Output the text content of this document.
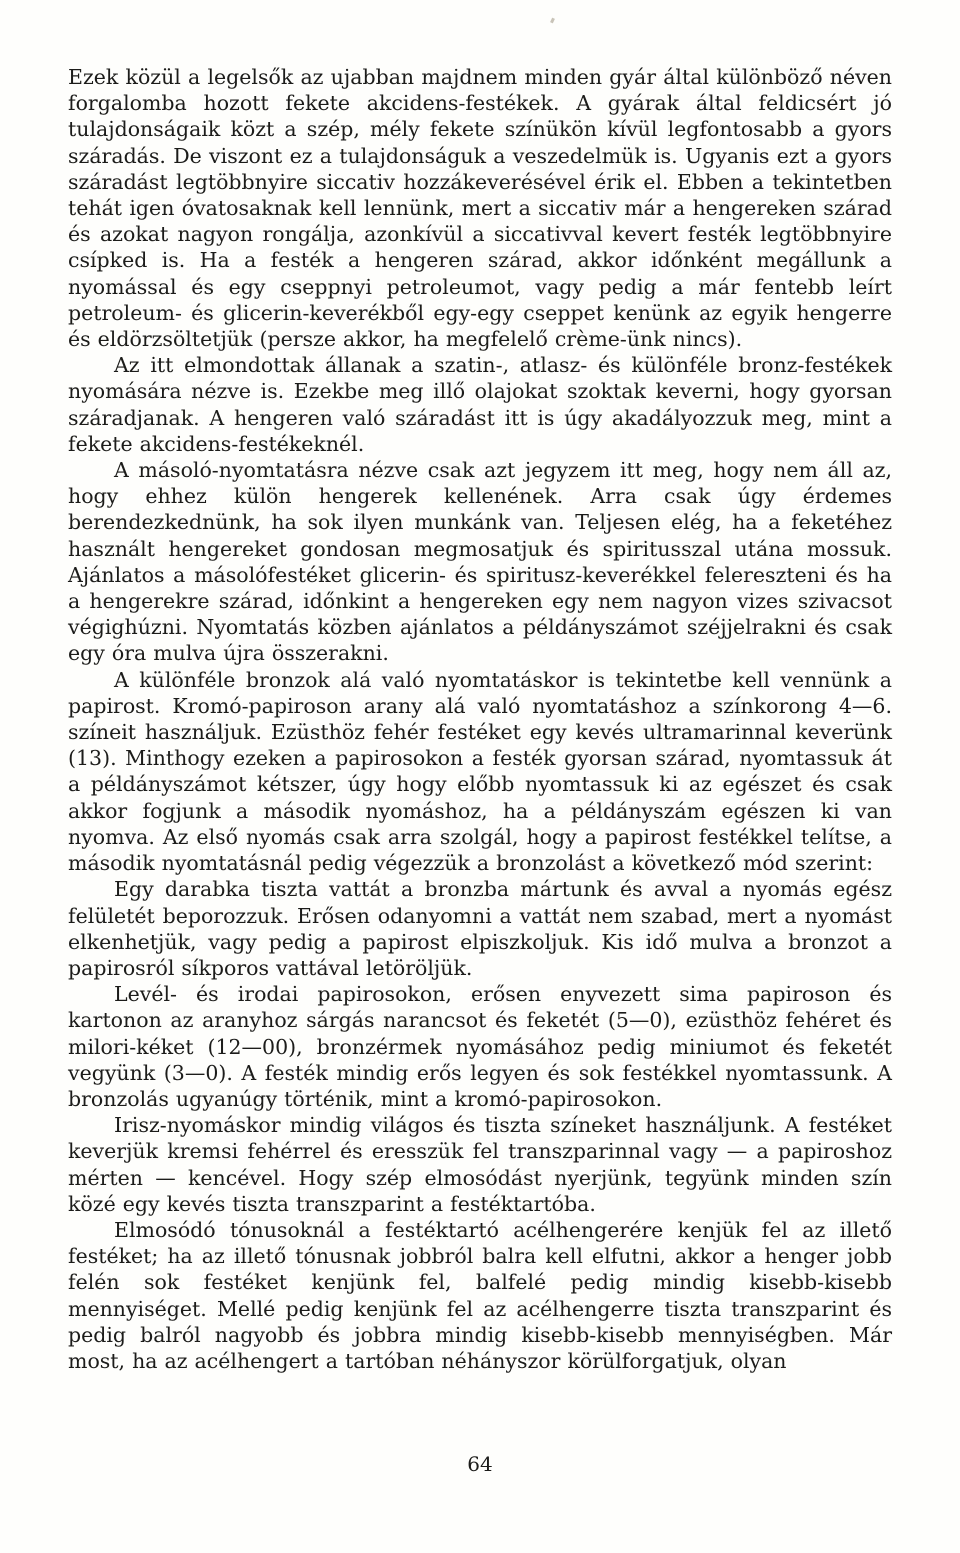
Ezek közül a legelsők az ujabban majdnem minden gyár által különböző néven forgalomba hozott fekete akcidens-festékek. A gyárak által feldicsért jó tulajdonságaik közt a szép, mély fekete színükön kívül legfontosabb a gyors száradás. De viszont ez a tulajdonságuk a veszedelmük is. Ugyanis ezt a gyors száradást legtöbbnyire siccativ hozzákeverésével érik el. Ebben a tekintetben tehát igen óvatosaknak kell lennünk, mert a siccativ már a hengereken szárad és azokat nagyon rongálja, azonkívül a siccativval kevert festék legtöbbnyire csípked is. Ha a festék a hengeren szárad, akkor időnként megállunk a nyomással és egy cseppnyi petroleumot, vagy pedig a már fentebb leírt petroleum- és glicerin-keverékből egy-egy cseppet kenünk az egyik hengerre és eldörzsöltetjük (persze akkor, ha megfelelő crème-ünk nincs).

Az itt elmondottak állanak a szatin-, atlasz- és különféle bronz-festékek nyomására nézve is. Ezekbe meg illő olajokat szoktak keverni, hogy gyorsan száradjanak. A hengeren való száradást itt is úgy akadályozzuk meg, mint a fekete akcidens-festékeknél.

A másoló-nyomtatásra nézve csak azt jegyzem itt meg, hogy nem áll az, hogy ehhez külön hengerek kellenének. Arra csak úgy érdemes berendezkednünk, ha sok ilyen munkánk van. Teljesen elég, ha a feketéhez használt hengereket gondosan megmosatjuk és spiritusszal utána mossuk. Ajánlatos a másolófestéket glicerin- és spiritusz-keverékkel felereszteni és ha a hengerekre szárad, időnkint a hengereken egy nem nagyon vizes szivacsot végighúzni. Nyomtatás közben ajánlatos a példányszámot széjjelrakni és csak egy óra mulva újra összerakni.

A különféle bronzok alá való nyomtatáskor is tekintetbe kell vennünk a papirost. Kromó-papiroson arany alá való nyomtatáshoz a színkorong 4—6. színeit használjuk. Ezüsthöz fehér festéket egy kevés ultramarinnal keverünk (13). Minthogy ezeken a papirosokon a festék gyorsan szárad, nyomtassuk át a példányszámot kétszer, úgy hogy előbb nyomtassuk ki az egészet és csak akkor fogjunk a második nyomáshoz, ha a példányszám egészen ki van nyomva. Az első nyomás csak arra szolgál, hogy a papirost festékkel telítse, a második nyomtatásnál pedig végezzük a bronzolást a következő mód szerint:

Egy darabka tiszta vattát a bronzba mártunk és avval a nyomás egész felületét beporozzuk. Erősen odanyomni a vattát nem szabad, mert a nyomást elkenhetjük, vagy pedig a papirost elpiszkoljuk. Kis idő mulva a bronzot a papirosról síkporos vattával letöröljük.

Levél- és irodai papirosokon, erősen enyvezett sima papiroson és kartonon az aranyhoz sárgás narancsot és feketét (5—0), ezüsthöz fehéret és milori-kéket (12—00), bronzérmek nyomásához pedig miniumot és feketét vegyünk (3—0). A festék mindig erős legyen és sok festékkel nyomtassunk. A bronzolás ugyanúgy történik, mint a kromó-papirosokon.

Irisz-nyomáskor mindig világos és tiszta színeket használjunk. A festéket keverjük kremsi fehérrel és eresszük fel transzparinnal vagy — a papiroshoz mérten — kencével. Hogy szép elmosódást nyerjünk, tegyünk minden szín közé egy kevés tiszta transzparint a festéktartóba.

Elmosódó tónusoknál a festéktartó acélhengerére kenjük fel az illető festéket; ha az illető tónusnak jobbról balra kell elfutni, akkor a henger jobb felén sok festéket kenjünk fel, balfelé pedig mindig kisebb-kisebb mennyiséget. Mellé pedig kenjünk fel az acélhengerre tiszta transzparint és pedig balról nagyobb és jobbra mindig kisebb-kisebb mennyiségben. Már most, ha az acélhengert a tartóban néhányszor körülforgatjuk, olyan

64
